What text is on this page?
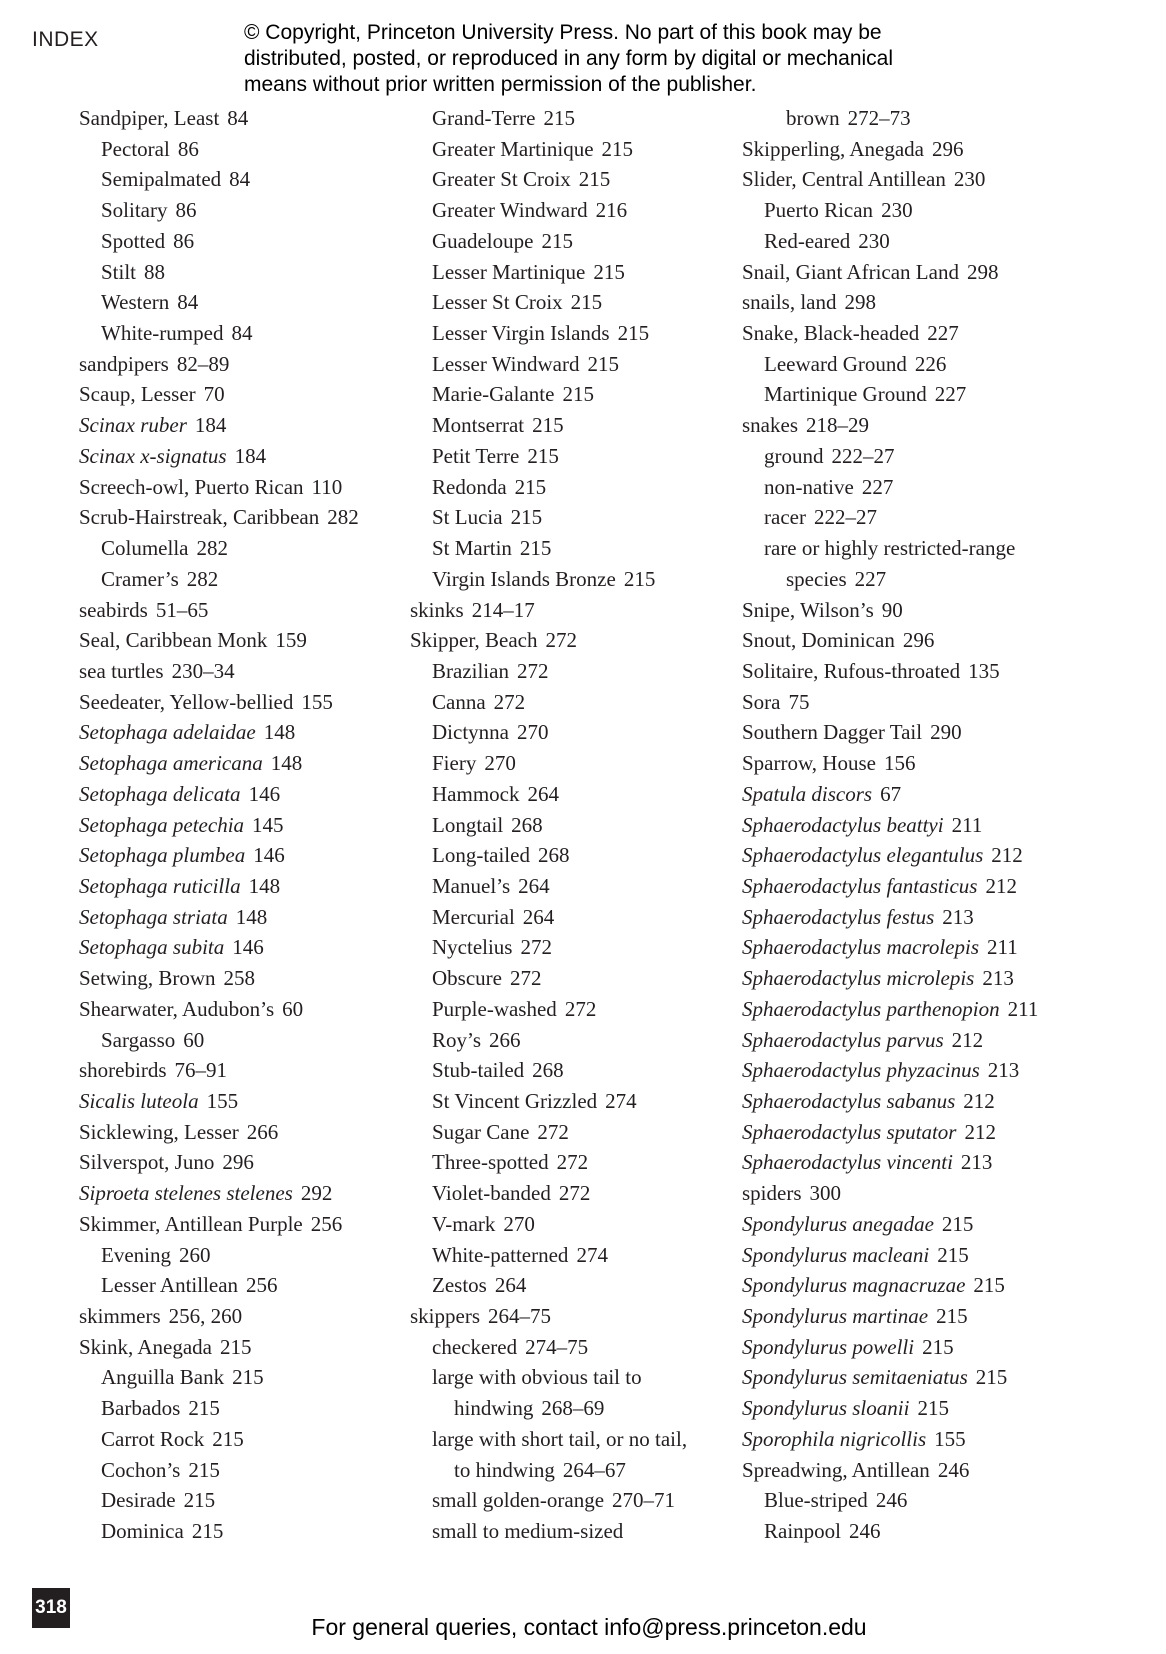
INDEX	© Copyright, Princeton University Press. No part of this book may be
distributed, posted, or reproduced in any form by digital or mechanical
means without prior written permission of the publisher.
Sandpiper, Least 84
Pectoral 86
Semipalmated 84
Solitary 86
Spotted 86
Stilt 88
Western 84
White-rumped 84
sandpipers 82–89
Scaup, Lesser 70
Scinax ruber 184
Scinax x-signatus 184
Screech-owl, Puerto Rican 110
Scrub-Hairstreak, Caribbean 282
Columella 282
Cramer’s 282
seabirds 51–65
Seal, Caribbean Monk 159
sea turtles 230–34
Seedeater, Yellow-bellied 155
Setophaga adelaidae 148
Setophaga americana 148
Setophaga delicata 146
Setophaga petechia 145
Setophaga plumbea 146
Setophaga ruticilla 148
Setophaga striata 148
Setophaga subita 146
Setwing, Brown 258
Shearwater, Audubon’s 60
Sargasso 60
shorebirds 76–91
Sicalis luteola 155
Sicklewing, Lesser 266
Silverspot, Juno 296
Siproeta stelenes stelenes 292
Skimmer, Antillean Purple 256
Evening 260
Lesser Antillean 256
skimmers 256, 260
Skink, Anegada 215
Anguilla Bank 215
Barbados 215
Carrot Rock 215
Cochon’s 215
Desirade 215
Dominica 215
Grand-Terre 215
Greater Martinique 215
Greater St Croix 215
Greater Windward 216
Guadeloupe 215
Lesser Martinique 215
Lesser St Croix 215
Lesser Virgin Islands 215
Lesser Windward 215
Marie-Galante 215
Montserrat 215
Petit Terre 215
Redonda 215
St Lucia 215
St Martin 215
Virgin Islands Bronze 215
skinks 214–17
Skipper, Beach 272
Brazilian 272
Canna 272
Dictynna 270
Fiery 270
Hammock 264
Longtail 268
Long-tailed 268
Manuel’s 264
Mercurial 264
Nyctelius 272
Obscure 272
Purple-washed 272
Roy’s 266
Stub-tailed 268
St Vincent Grizzled 274
Sugar Cane 272
Three-spotted 272
Violet-banded 272
V-mark 270
White-patterned 274
Zestos 264
skippers 264–75
checkered 274–75
large with obvious tail to
hindwing 268–69
large with short tail, or no tail,
to hindwing 264–67
small golden-orange 270–71
small to medium-sized
brown 272–73
Skipperling, Anegada 296
Slider, Central Antillean 230
Puerto Rican 230
Red-eared 230
Snail, Giant African Land 298
snails, land 298
Snake, Black-headed 227
Leeward Ground 226
Martinique Ground 227
snakes 218–29
ground 222–27
non-native 227
racer 222–27
rare or highly restricted-range
species 227
Snipe, Wilson’s 90
Snout, Dominican 296
Solitaire, Rufous-throated 135
Sora 75
Southern Dagger Tail 290
Sparrow, House 156
Spatula discors 67
Sphaerodactylus beattyi 211
Sphaerodactylus elegantulus 212
Sphaerodactylus fantasticus 212
Sphaerodactylus festus 213
Sphaerodactylus macrolepis 211
Sphaerodactylus microlepis 213
Sphaerodactylus parthenopion 211
Sphaerodactylus parvus 212
Sphaerodactylus phyzacinus 213
Sphaerodactylus sabanus 212
Sphaerodactylus sputator 212
Sphaerodactylus vincenti 213
spiders 300
Spondylurus anegadae 215
Spondylurus macleani 215
Spondylurus magnacruzae 215
Spondylurus martinae 215
Spondylurus powelli 215
Spondylurus semitaeniatus 215
Spondylurus sloanii 215
Sporophila nigricollis 155
Spreadwing, Antillean 246
Blue-striped 246
Rainpool 246
318
For general queries, contact info@press.princeton.edu
